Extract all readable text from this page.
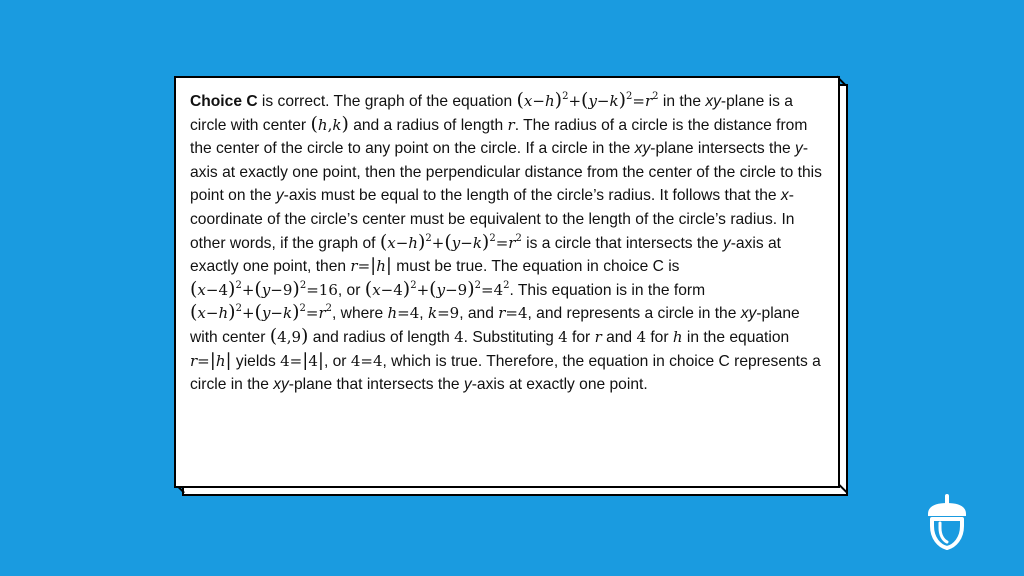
Choice C is correct. The graph of the equation $(x-h)^2+(y-k)^2=r^2$ in the xy-plane is a circle with center (h,k) and a radius of length r. The radius of a circle is the distance from the center of the circle to any point on the circle. If a circle in the xy-plane intersects the y-axis at exactly one point, then the perpendicular distance from the center of the circle to this point on the y-axis must be equal to the length of the circle’s radius. It follows that the x-coordinate of the circle’s center must be equivalent to the length of the circle’s radius. In other words, if the graph of $(x-h)^2+(y-k)^2=r^2$ is a circle that intersects the y-axis at exactly one point, then r=|h| must be true. The equation in choice C is $(x-4)^2+(y-9)^2=16$, or $(x-4)^2+(y-9)^2=4^2$. This equation is in the form $(x-h)^2+(y-k)^2=r^2$, where h=4, k=9, and r=4, and represents a circle in the xy-plane with center (4,9) and radius of length 4. Substituting 4 for r and 4 for h in the equation r=|h| yields 4=|4|, or 4=4, which is true. Therefore, the equation in choice C represents a circle in the xy-plane that intersects the y-axis at exactly one point.
